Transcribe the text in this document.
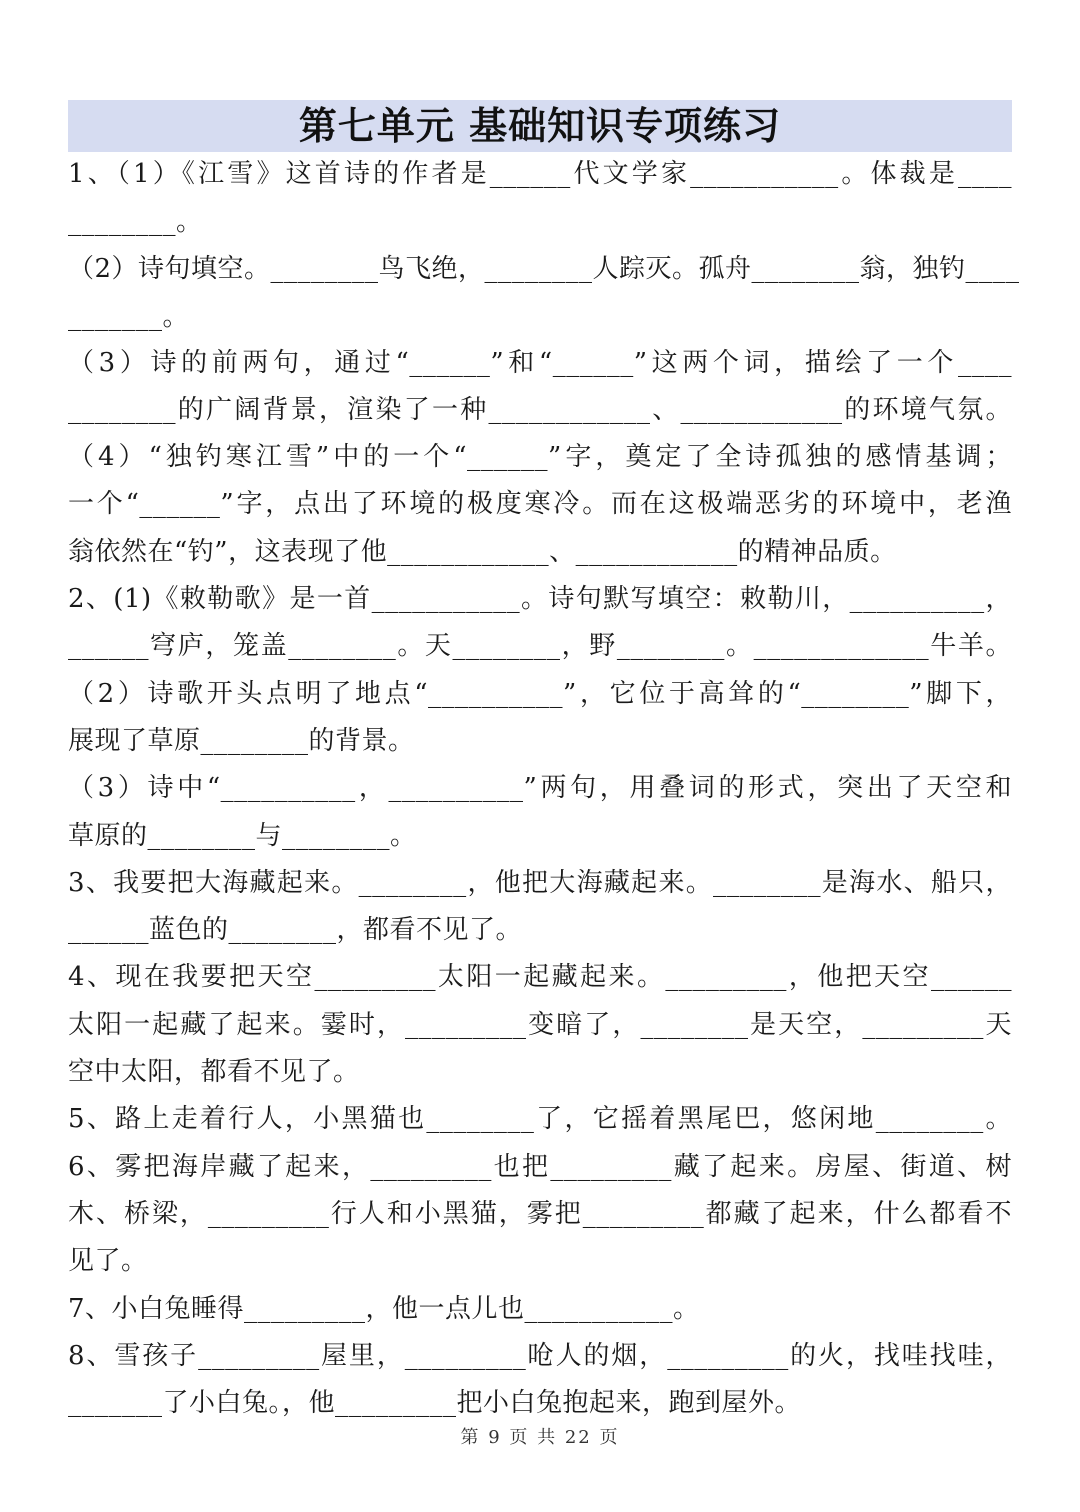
第七单元 基础知识专项练习
1、（1）《江雪》这首诗的作者是______代文学家___________。体裁是____
________。
（2）诗句填空。________鸟飞绝，________人踪灭。孤舟________翁，独钓____
_______。
（3）诗的前两句，通过“______”和“______”这两个词，描绘了一个____
________的广阔背景，渲染了一种____________、____________的环境气氛。
（4）“独钓寒江雪”中的一个“______”字，奠定了全诗孤独的感情基调；
一个“______”字，点出了环境的极度寒冷。而在这极端恶劣的环境中，老渔
翁依然在“钓”，这表现了他____________、____________的精神品质。
2、(1)《敕勒歌》是一首___________。诗句默写填空：敕勒川，__________，
______穹庐，笼盖________。天________，野________。_____________牛羊。
（2）诗歌开头点明了地点“__________”，它位于高耸的“________”脚下，
展现了草原________的背景。
（3）诗中“__________，__________”两句，用叠词的形式，突出了天空和
草原的________与________。
3、我要把大海藏起来。________，他把大海藏起来。________是海水、船只，
______蓝色的________，都看不见了。
4、现在我要把天空_________太阳一起藏起来。_________，他把天空______
太阳一起藏了起来。霎时，_________变暗了，________是天空，_________天
空中太阳，都看不见了。
5、路上走着行人，小黑猫也________了，它摇着黑尾巴，悠闲地________。
6、雾把海岸藏了起来，_________也把_________藏了起来。房屋、街道、树
木、桥梁，_________行人和小黑猫，雾把_________都藏了起来，什么都看不
见了。
7、小白兔睡得_________，他一点儿也___________。
8、雪孩子_________屋里，_________呛人的烟，_________的火，找哇找哇，
_______了小白兔。，他_________把小白兔抱起来，跑到屋外。
第 9 页 共 22 页
